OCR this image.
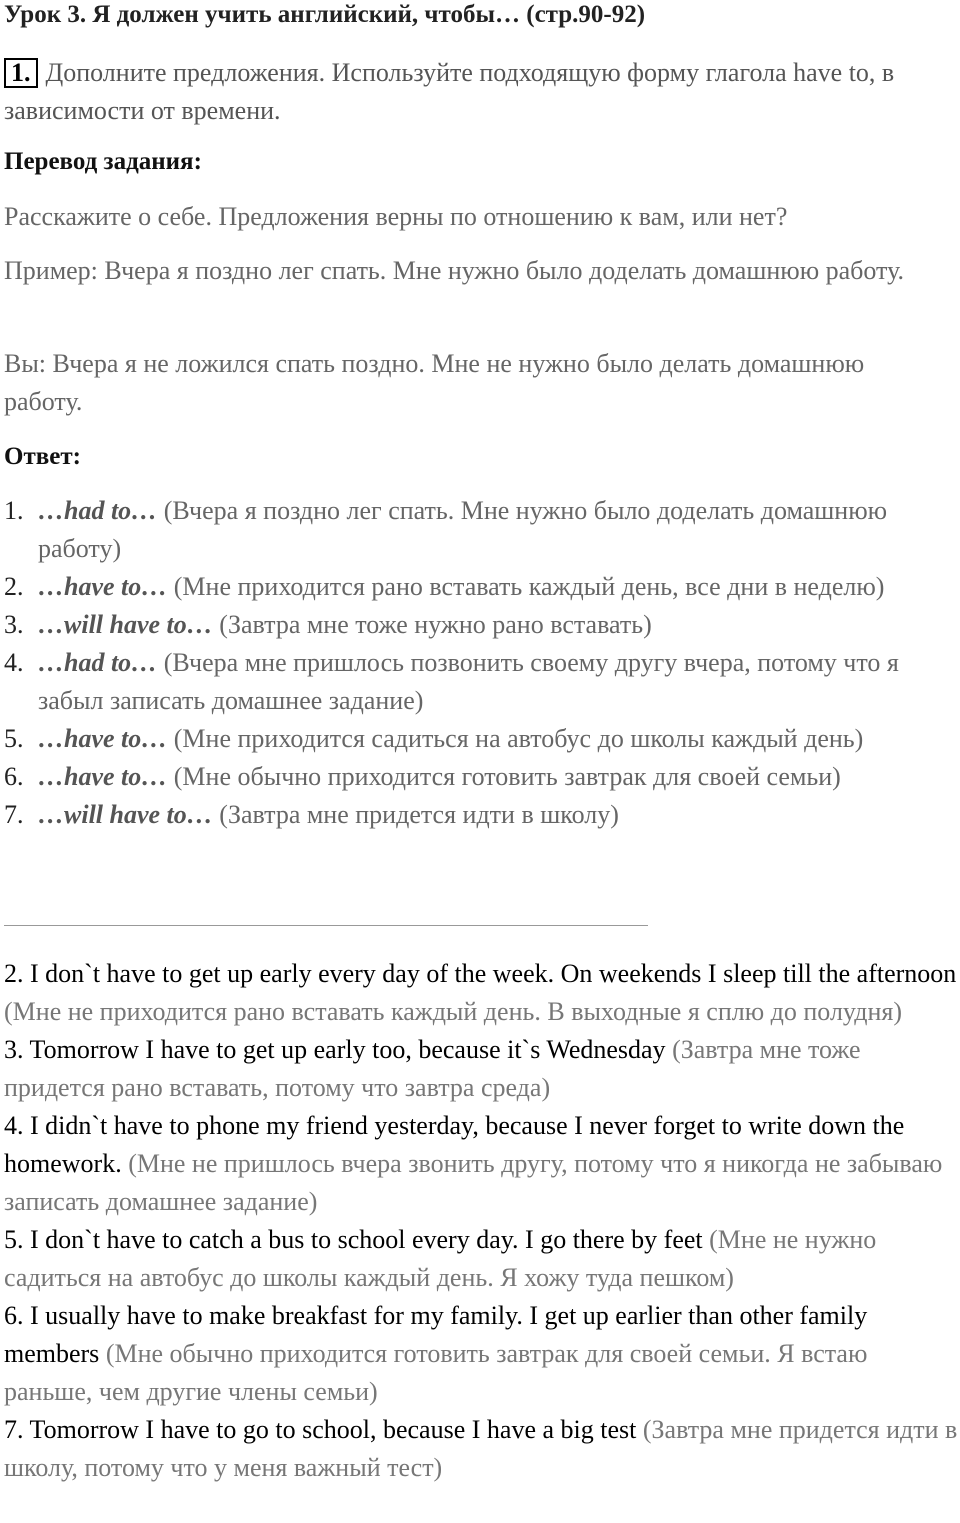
Урок 3. Я должен учить английский, чтобы… (стр.90-92)
1. Дополните предложения. Используйте подходящую форму глагола have to, в зависимости от времени.
Перевод задания:
Расскажите о себе. Предложения верны по отношению к вам, или нет?
Пример: Вчера я поздно лег спать. Мне нужно было доделать домашнюю работу.
Вы: Вчера я не ложился спать поздно. Мне не нужно было делать домашнюю работу.
Ответ:
1. …had to… (Вчера я поздно лег спать. Мне нужно было доделать домашнюю работу)
2. …have to… (Мне приходится рано вставать каждый день, все дни в неделю)
3. …will have to… (Завтра мне тоже нужно рано вставать)
4. …had to… (Вчера мне пришлось позвонить своему другу вчера, потому что я забыл записать домашнее задание)
5. …have to… (Мне приходится садиться на автобус до школы каждый день)
6. …have to… (Мне обычно приходится готовить завтрак для своей семьи)
7. …will have to… (Завтра мне придется идти в школу)

2. I don`t have to get up early every day of the week. On weekends I sleep till the afternoon (Мне не приходится рано вставать каждый день. В выходные я сплю до полудня)

3. Tomorrow I have to get up early too, because it`s Wednesday (Завтра мне тоже придется рано вставать, потому что завтра среда)

4. I didn`t have to phone my friend yesterday, because I never forget to write down the homework. (Мне не пришлось вчера звонить другу, потому что я никогда не забываю записать домашнее задание)

5. I don`t have to catch a bus to school every day. I go there by feet (Мне не нужно садиться на автобус до школы каждый день. Я хожу туда пешком)

6. I usually have to make breakfast for my family. I get up earlier than other family members (Мне обычно приходится готовить завтрак для своей семьи. Я встаю раньше, чем другие члены семьи)

7. Tomorrow I have to go to school, because I have a big test (Завтра мне придется идти в школу, потому что у меня важный тест)
